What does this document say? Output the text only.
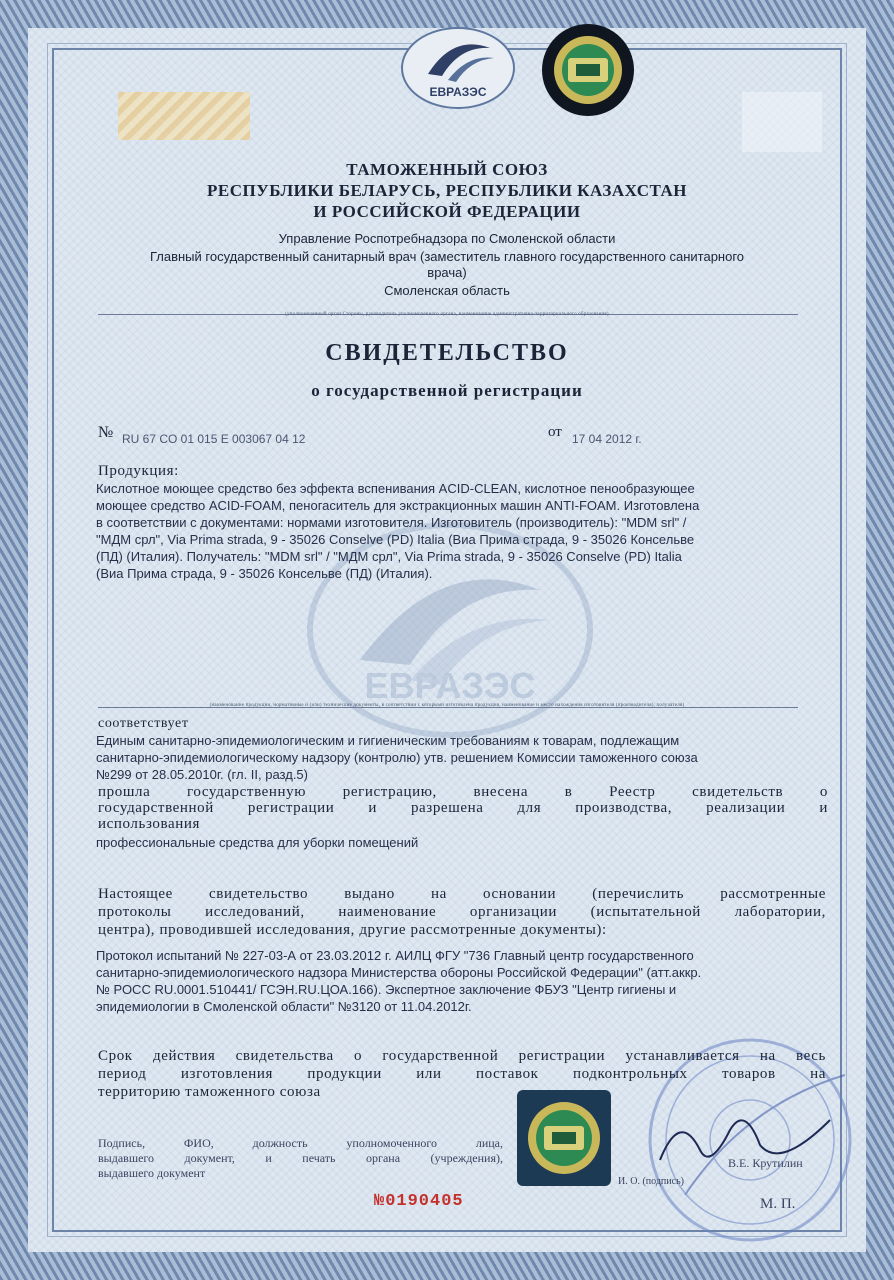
ЕВРАЗЭС
ТАМОЖЕННЫЙ СОЮЗ
РЕСПУБЛИКИ БЕЛАРУСЬ, РЕСПУБЛИКИ КАЗАХСТАН
И РОССИЙСКОЙ ФЕДЕРАЦИИ
Управление Роспотребнадзора по Смоленской области
Главный государственный санитарный врач (заместитель главного государственного санитарного
врача)
Смоленская область
(уполномоченный орган Стороны, руководитель уполномоченного органа, наименование административно-территориального образования)
СВИДЕТЕЛЬСТВО
о государственной регистрации
№ RU 67 CO 01 015 E 003067 04 12	от 17 04 2012 г.
ЕВРАЗЭС
Продукция:
Кислотное моющее средство без эффекта вспенивания ACID-CLEAN, кислотное пенообразующее
моющее средство ACID-FOAM, пеногаситель для экстракционных машин ANTI-FOAM. Изготовлена
в соответствии с документами: нормами изготовителя. Изготовитель (производитель): "MDM srl" /
"МДМ срл", Via Prima strada, 9 - 35026 Conselve (PD) Italia (Виа Прима страда, 9 - 35026 Консельве
(ПД) (Италия). Получатель: "MDM srl" / "МДМ срл", Via Prima strada, 9 - 35026 Conselve (PD) Italia
(Виа Прима страда, 9 - 35026 Консельве (ПД) (Италия).
(наименование продукции, нормативные и (или) технические документы, в соответствии с которыми изготовлена продукция, наименование и место нахождения изготовителя (производителя), получателя)
соответствует
Единым санитарно-эпидемиологическим и гигиеническим требованиям к товарам, подлежащим
санитарно-эпидемиологическому надзору (контролю) утв. решением Комиссии таможенного союза
№299 от 28.05.2010г. (гл. II, разд.5)
прошла государственную регистрацию, внесена в Реестр свидетельств о
государственной регистрации и разрешена для производства, реализации и
использования
профессиональные средства для уборки помещений
Настоящее свидетельство выдано на основании (перечислить рассмотренные
протоколы исследований, наименование организации (испытательной лаборатории,
центра), проводившей исследования, другие рассмотренные документы):
Протокол испытаний № 227-03-А от 23.03.2012 г. АИЛЦ ФГУ "736 Главный центр государственного
санитарно-эпидемиологического надзора Министерства обороны Российской Федерации" (атт.аккр.
№ РОСС RU.0001.510441/ ГСЭН.RU.ЦОА.166). Экспертное заключение ФБУЗ "Центр гигиены и
эпидемиологии в Смоленской области" №3120 от 11.04.2012г.
Срок действия свидетельства о государственной регистрации устанавливается на весь
период изготовления продукции или поставок подконтрольных товаров на
территорию таможенного союза
Подпись, ФИО, должность уполномоченного лица,
выдавшего документ, и печать органа (учреждения),
выдавшего документ
В.Е. Крутилин
И. О. (подпись)
М. П.
№0190405
